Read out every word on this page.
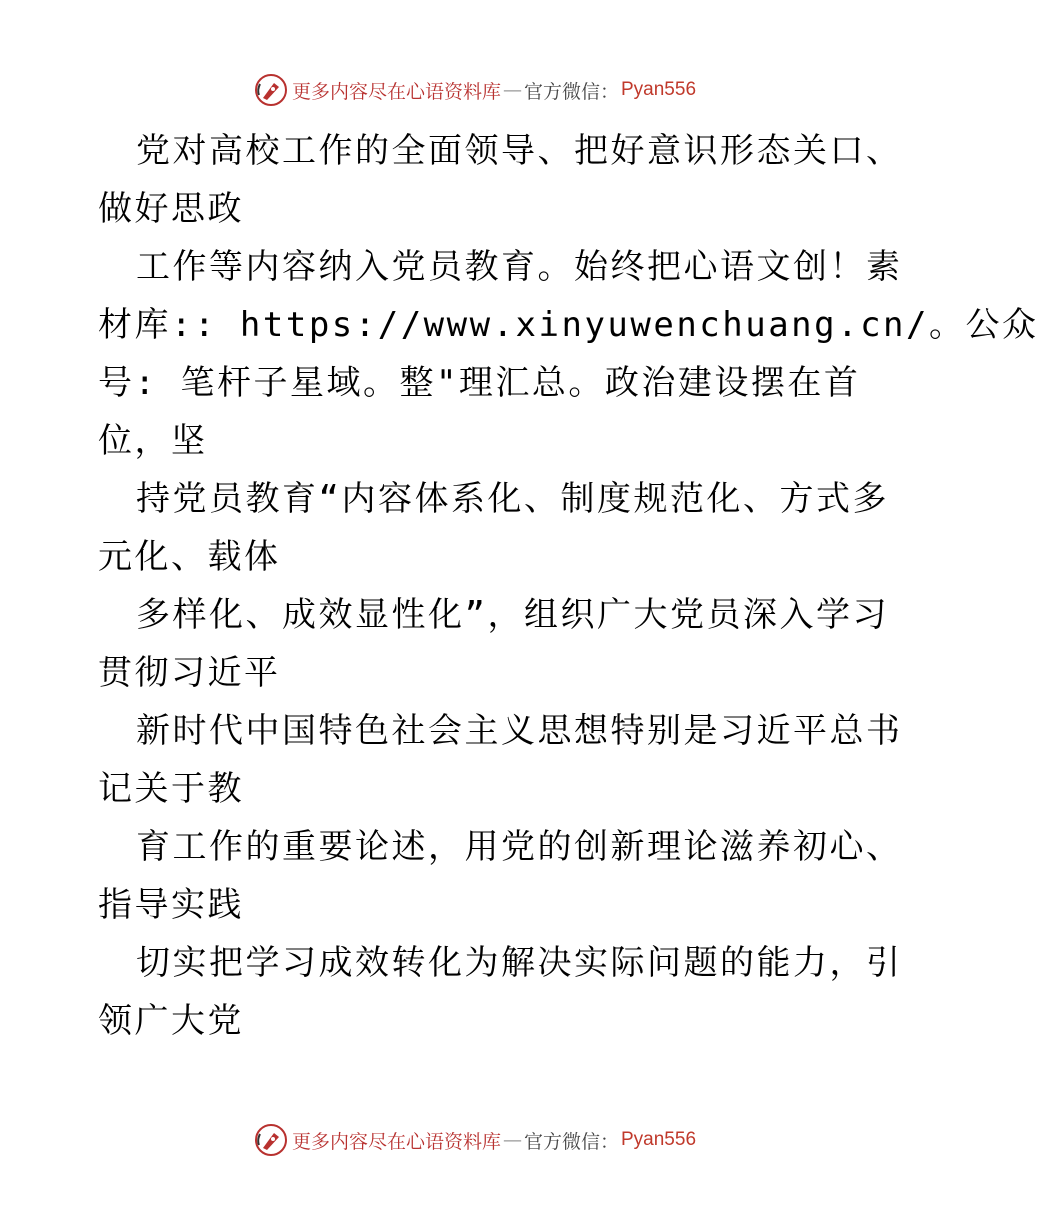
更多内容尽在心语资料库 — 官方微信： Pyan556
党对高校工作的全面领导、把好意识形态关口、
做好思政
工作等内容纳入党员教育。始终把心语文创！素
材库:: https://www.xinyuwenchuang.cn/。公众
号: 笔杆子星域。整"理汇总。政治建设摆在首
位，坚
持党员教育“内容体系化、制度规范化、方式多
元化、载体
多样化、成效显性化”，组织广大党员深入学习
贯彻习近平
新时代中国特色社会主义思想特别是习近平总书
记关于教
育工作的重要论述，用党的创新理论滋养初心、
指导实践
切实把学习成效转化为解决实际问题的能力，引
领广大党
更多内容尽在心语资料库 — 官方微信： Pyan556
